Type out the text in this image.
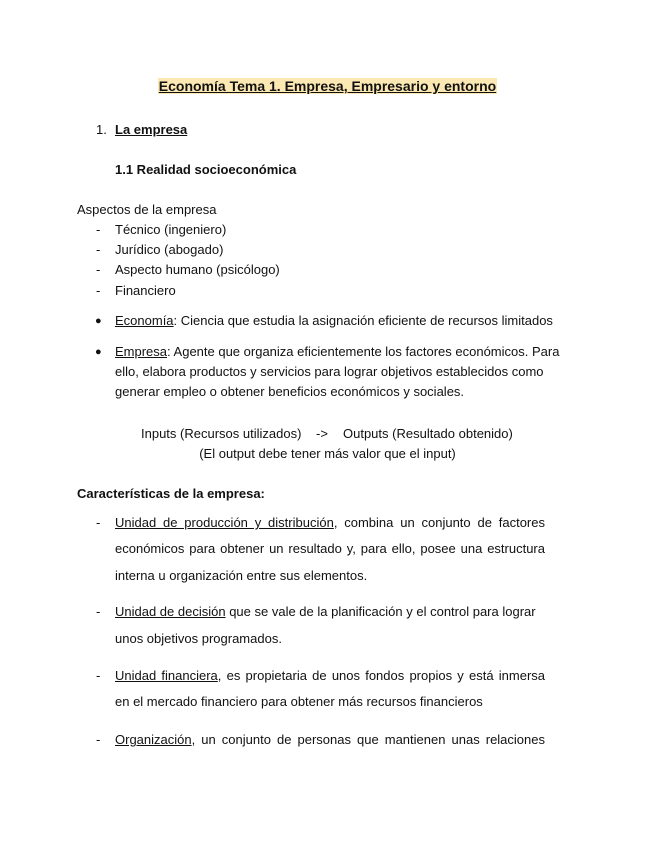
Economía Tema 1. Empresa, Empresario y entorno
1. La empresa
1.1 Realidad socioeconómica
Aspectos de la empresa
- Técnico (ingeniero)
- Jurídico (abogado)
- Aspecto humano (psicólogo)
- Financiero
● Economía: Ciencia que estudia la asignación eficiente de recursos limitados
● Empresa: Agente que organiza eficientemente los factores económicos. Para
ello, elabora productos y servicios para lograr objetivos establecidos como
generar empleo o obtener beneficios económicos y sociales.
Inputs (Recursos utilizados) -> Outputs (Resultado obtenido)
(El output debe tener más valor que el input)
Características de la empresa:
- Unidad de producción y distribución, combina un conjunto de factores
económicos para obtener un resultado y, para ello, posee una estructura
interna u organización entre sus elementos.
- Unidad de decisión que se vale de la planificación y el control para lograr
unos objetivos programados.
- Unidad financiera, es propietaria de unos fondos propios y está inmersa
en el mercado financiero para obtener más recursos financieros
- Organización, un conjunto de personas que mantienen unas relaciones
